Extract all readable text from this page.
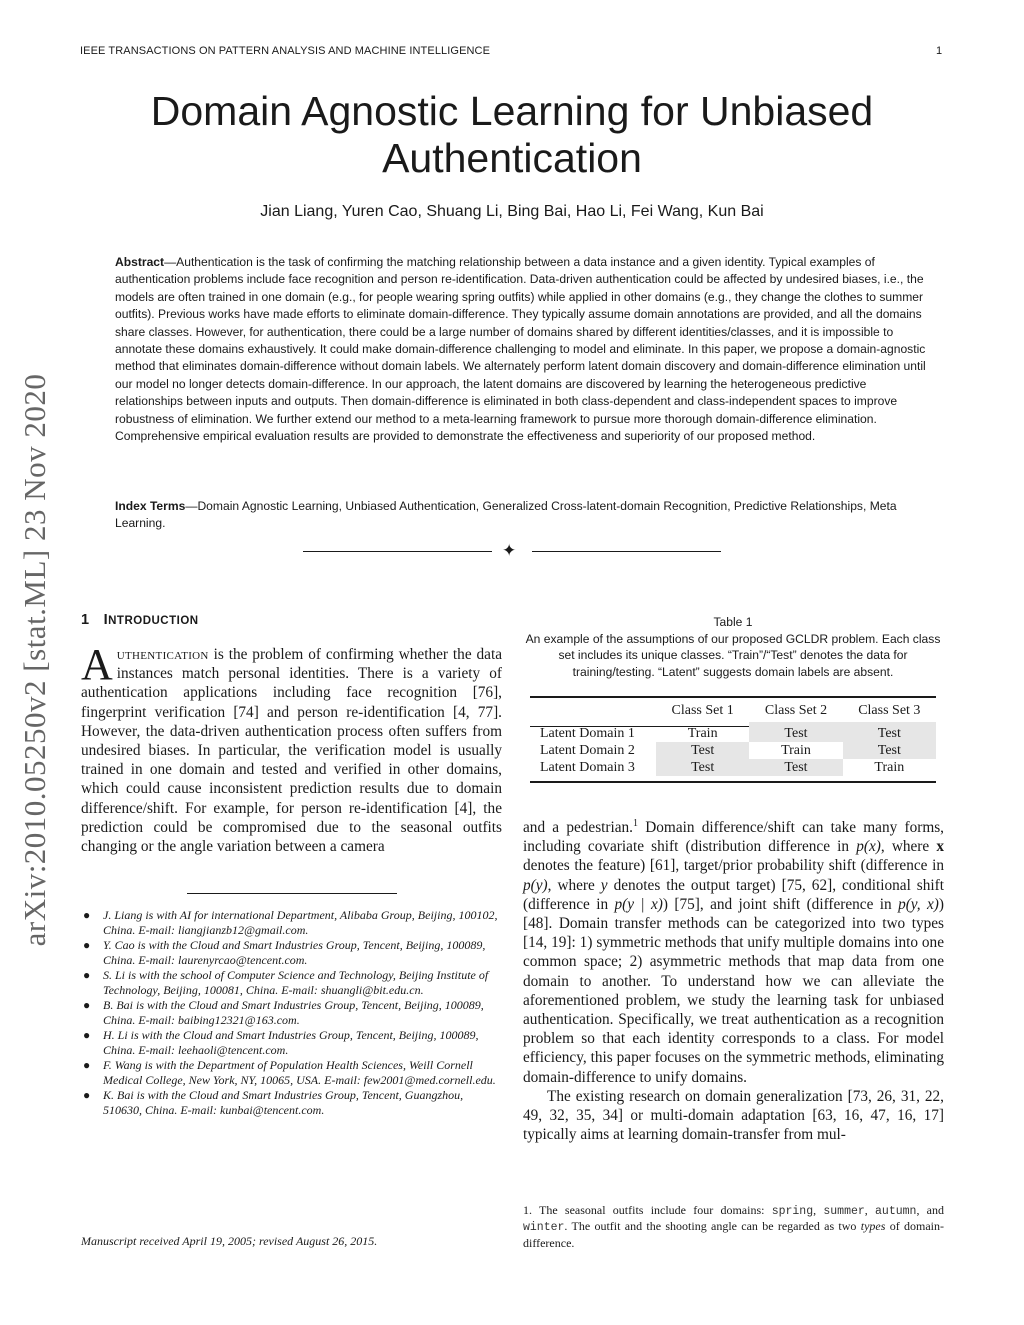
IEEE TRANSACTIONS ON PATTERN ANALYSIS AND MACHINE INTELLIGENCE	1
arXiv:2010.05250v2 [stat.ML] 23 Nov 2020
Domain Agnostic Learning for Unbiased Authentication
Jian Liang, Yuren Cao, Shuang Li, Bing Bai, Hao Li, Fei Wang, Kun Bai
Abstract—Authentication is the task of confirming the matching relationship between a data instance and a given identity. Typical examples of authentication problems include face recognition and person re-identification. Data-driven authentication could be affected by undesired biases, i.e., the models are often trained in one domain (e.g., for people wearing spring outfits) while applied in other domains (e.g., they change the clothes to summer outfits). Previous works have made efforts to eliminate domain-difference. They typically assume domain annotations are provided, and all the domains share classes. However, for authentication, there could be a large number of domains shared by different identities/classes, and it is impossible to annotate these domains exhaustively. It could make domain-difference challenging to model and eliminate. In this paper, we propose a domain-agnostic method that eliminates domain-difference without domain labels. We alternately perform latent domain discovery and domain-difference elimination until our model no longer detects domain-difference. In our approach, the latent domains are discovered by learning the heterogeneous predictive relationships between inputs and outputs. Then domain-difference is eliminated in both class-dependent and class-independent spaces to improve robustness of elimination. We further extend our method to a meta-learning framework to pursue more thorough domain-difference elimination. Comprehensive empirical evaluation results are provided to demonstrate the effectiveness and superiority of our proposed method.
Index Terms—Domain Agnostic Learning, Unbiased Authentication, Generalized Cross-latent-domain Recognition, Predictive Relationships, Meta Learning.
✦
1 INTRODUCTION
Authentication is the problem of confirming whether the data instances match personal identities. There is a variety of authentication applications including face recognition [76], fingerprint verification [74] and person re-identification [4, 77]. However, the data-driven authentication process often suffers from undesired biases. In particular, the verification model is usually trained in one domain and tested and verified in other domains, which could cause inconsistent prediction results due to domain difference/shift. For example, for person re-identification [4], the prediction could be compromised due to the seasonal outfits changing or the angle variation between a camera
● J. Liang is with AI for international Department, Alibaba Group, Beijing, 100102, China. E-mail: liangjianzb12@gmail.com.
● Y. Cao is with the Cloud and Smart Industries Group, Tencent, Beijing, 100089, China. E-mail: laurenyrcao@tencent.com.
● S. Li is with the school of Computer Science and Technology, Beijing Institute of Technology, Beijing, 100081, China. E-mail: shuangli@bit.edu.cn.
● B. Bai is with the Cloud and Smart Industries Group, Tencent, Beijing, 100089, China. E-mail: baibing12321@163.com.
● H. Li is with the Cloud and Smart Industries Group, Tencent, Beijing, 100089, China. E-mail: leehaoli@tencent.com.
● F. Wang is with the Department of Population Health Sciences, Weill Cornell Medical College, New York, NY, 10065, USA. E-mail: few2001@med.cornell.edu.
● K. Bai is with the Cloud and Smart Industries Group, Tencent, Guangzhou, 510630, China. E-mail: kunbai@tencent.com.
Manuscript received April 19, 2005; revised August 26, 2015.
Table 1
An example of the assumptions of our proposed GCLDR problem. Each class set includes its unique classes. “Train”/“Test” denotes the data for training/testing. “Latent” suggests domain labels are absent.
	Class Set 1	Class Set 2	Class Set 3
Latent Domain 1	Train	Test	Test
Latent Domain 2	Test	Train	Test
Latent Domain 3	Test	Test	Train

and a pedestrian.$^1$ Domain difference/shift can take many forms, including covariate shift (distribution difference in p(x), where x denotes the feature) [61], target/prior probability shift (difference in p(y), where y denotes the output target) [75, 62], conditional shift (difference in p(y | x)) [75], and joint shift (difference in p(y, x)) [48]. Domain transfer methods can be categorized into two types [14, 19]: 1) symmetric methods that unify multiple domains into one common space; 2) asymmetric methods that map data from one domain to another. To understand how we can alleviate the aforementioned problem, we study the learning task for unbiased authentication. Specifically, we treat authentication as a recognition problem so that each identity corresponds to a class. For model efficiency, this paper focuses on the symmetric methods, eliminating domain-difference to unify domains.

The existing research on domain generalization [73, 26, 31, 22, 49, 32, 35, 34] or multi-domain adaptation [63, 16, 47, 16, 17] typically aims at learning domain-transfer from mul-

1. The seasonal outfits include four domains: spring, summer, autumn, and winter. The outfit and the shooting angle can be regarded as two types of domain-difference.
